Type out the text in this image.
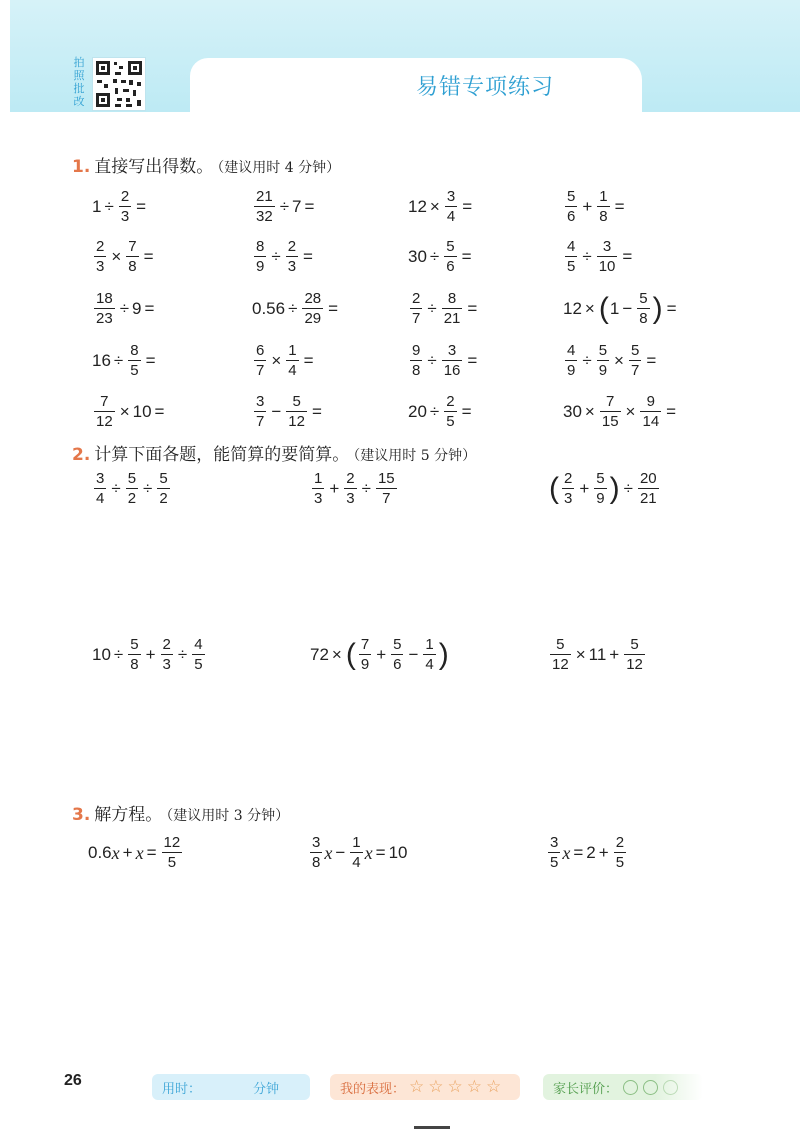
拍照批改
易错专项练习
1. 直接写出得数。 （建议用时 4 分钟）
2. 计算下面各题，能简算的要简算。 （建议用时 5 分钟）
3. 解方程。 （建议用时 3 分钟）
26	用时：	分钟	我的表现： ☆ ☆ ☆ ☆ ☆	家长评价：
$1 \div \frac{2}{3}$ =	$\frac{21}{32} \div 7$ =	$12 \times \frac{3}{4}$ =	$\frac{5}{6} + \frac{1}{8}$ =
$\frac{2}{3} \times \frac{7}{8}$ =	$\frac{8}{9} \div \frac{2}{3}$ =	$30 \div \frac{5}{6}$ =	$\frac{4}{5} \div \frac{3}{10}$ =
$\frac{18}{23} \div 9$ =	$0.56 \div \frac{28}{29}$ =	$\frac{2}{7} \div \frac{8}{21}$ =	12 × ( $1 - \frac{5}{8}$ ) =
$16 \div \frac{8}{5}$ =	$\frac{6}{7} \times \frac{1}{4}$ =	$\frac{9}{8} \div \frac{3}{16}$ =	$\frac{4}{9} \div \frac{5}{9} \times \frac{5}{7}$ =
$\frac{7}{12} \times 10$ =	$\frac{3}{7} - \frac{5}{12}$ =	$20 \div \frac{2}{5}$ =	$30 \times \frac{7}{15} \times \frac{9}{14}$ =
$\frac{3}{4} \div \frac{5}{2} \div \frac{5}{2}$	$\frac{1}{3} + \frac{2}{3} \div \frac{15}{7}$	( $\frac{2}{3} + \frac{5}{9}$ ) ÷ $\frac{20}{21}$
$10 \div \frac{5}{8} + \frac{2}{3} \div \frac{4}{5}$	72 × ( $\frac{7}{9} + \frac{5}{6} - \frac{1}{4}$ )	$\frac{5}{12} \times 11 + \frac{5}{12}$
0.6 $x + x = \frac{12}{5}$	$\frac{3}{8}$ $x - \frac{1}{4}$ x = 10	$\frac{3}{5}$ $x = 2 + \frac{2}{5}$
